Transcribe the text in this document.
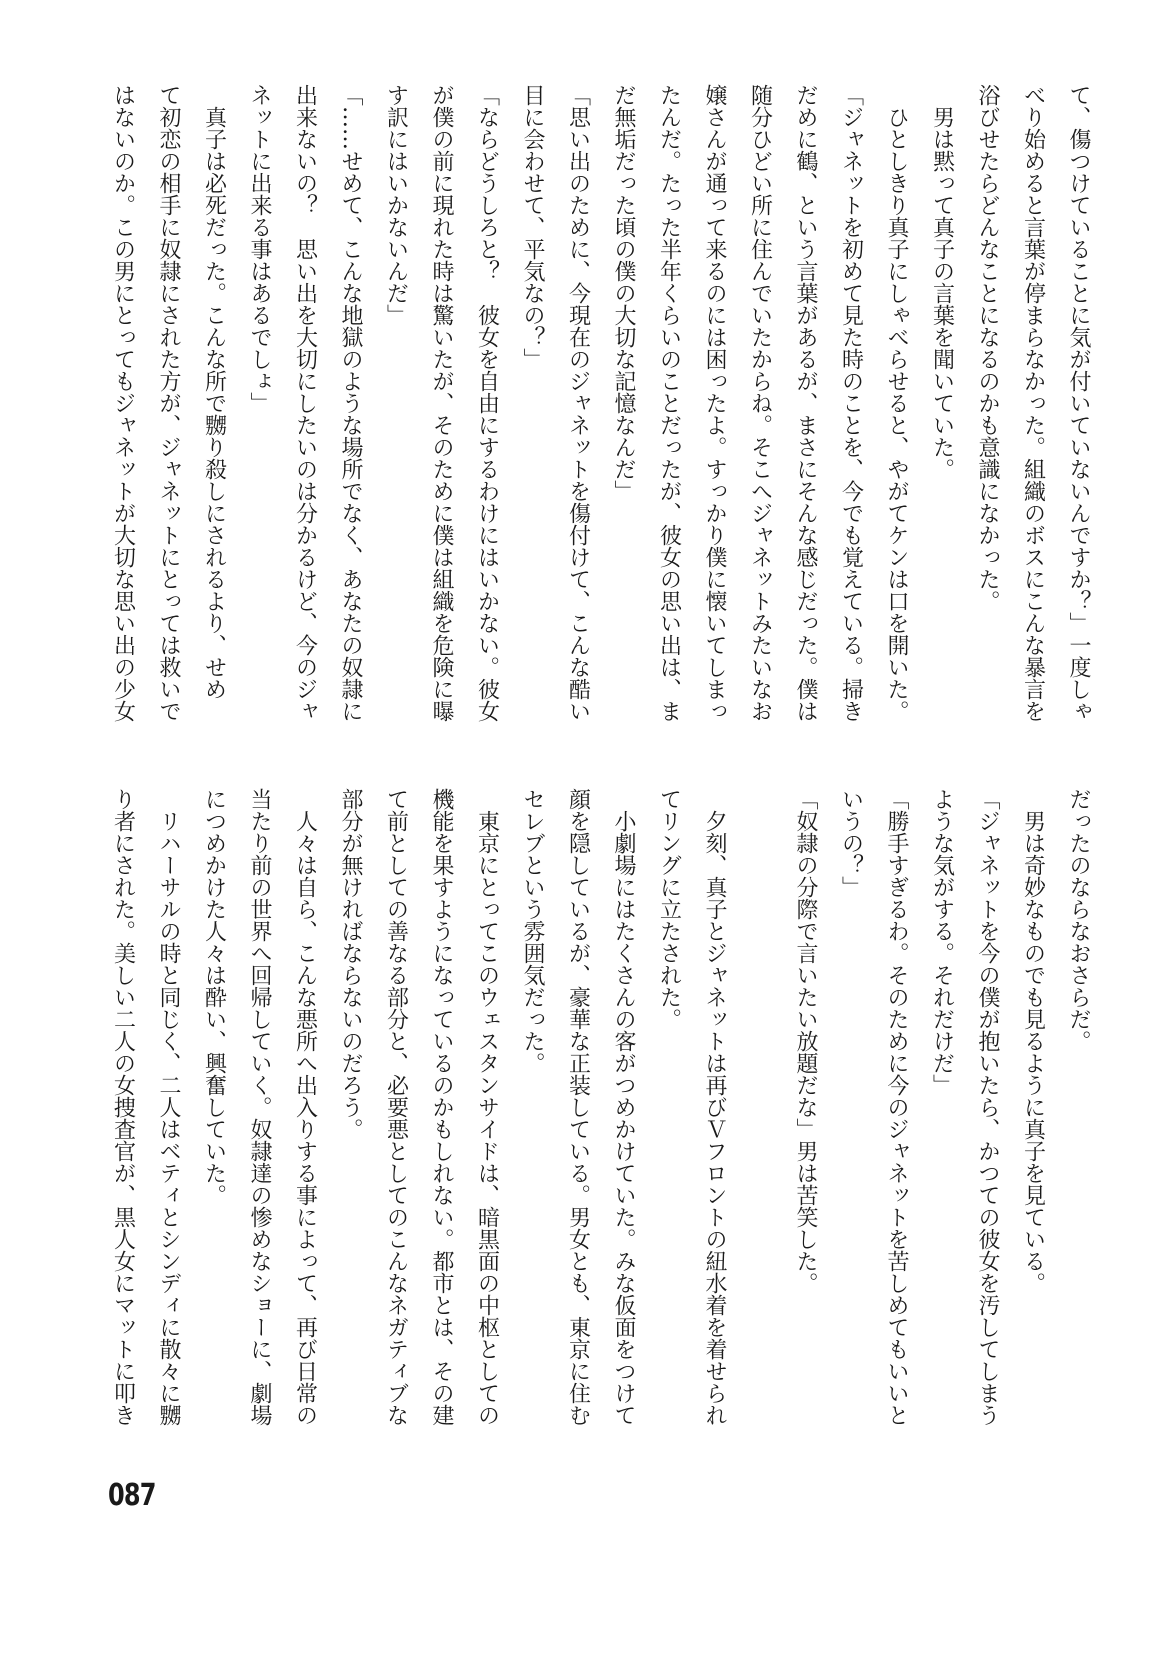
て、傷つけていることに気が付いていないんですか？」一度しゃ

べり始めると言葉が停まらなかった。組織のボスにこんな暴言を

浴びせたらどんなことになるのかも意識になかった。

　男は黙って真子の言葉を聞いていた。

　ひとしきり真子にしゃべらせると、やがてケンは口を開いた。

「ジャネットを初めて見た時のことを、今でも覚えている。掃き

だめに鶴、という言葉があるが、まさにそんな感じだった。僕は

随分ひどい所に住んでいたからね。そこへジャネットみたいなお

嬢さんが通って来るのには困ったよ。すっかり僕に懐いてしまっ

たんだ。たった半年くらいのことだったが、彼女の思い出は、ま

だ無垢だった頃の僕の大切な記憶なんだ」

「思い出のために、今現在のジャネットを傷付けて、こんな酷い

目に会わせて、平気なの？」

「ならどうしろと？　彼女を自由にするわけにはいかない。彼女

が僕の前に現れた時は驚いたが、そのために僕は組織を危険に曝

す訳にはいかないんだ」

「……せめて、こんな地獄のような場所でなく、あなたの奴隷に

出来ないの？　思い出を大切にしたいのは分かるけど、今のジャ

ネットに出来る事はあるでしょ」

　真子は必死だった。こんな所で嬲り殺しにされるより、せめ

て初恋の相手に奴隷にされた方が、ジャネットにとっては救いで

はないのか。この男にとってもジャネットが大切な思い出の少女

だったのならなおさらだ。

　男は奇妙なものでも見るように真子を見ている。

「ジャネットを今の僕が抱いたら、かつての彼女を汚してしまう

ような気がする。それだけだ」

「勝手すぎるわ。そのために今のジャネットを苦しめてもいいと

いうの？」

「奴隷の分際で言いたい放題だな」男は苦笑した。

　夕刻、真子とジャネットは再びＶフロントの紐水着を着せられ

てリングに立たされた。

　小劇場にはたくさんの客がつめかけていた。みな仮面をつけて

顔を隠しているが、豪華な正装している。男女とも、東京に住む

セレブという雰囲気だった。

　東京にとってこのウェスタンサイドは、暗黒面の中枢としての

機能を果すようになっているのかもしれない。都市とは、その建

て前としての善なる部分と、必要悪としてのこんなネガティブな

部分が無ければならないのだろう。

　人々は自ら、こんな悪所へ出入りする事によって、再び日常の

当たり前の世界へ回帰していく。奴隷達の惨めなショーに、劇場

につめかけた人々は酔い、興奮していた。

　リハーサルの時と同じく、二人はベティとシンディに散々に嬲

り者にされた。美しい二人の女捜査官が、黒人女にマットに叩き

087
